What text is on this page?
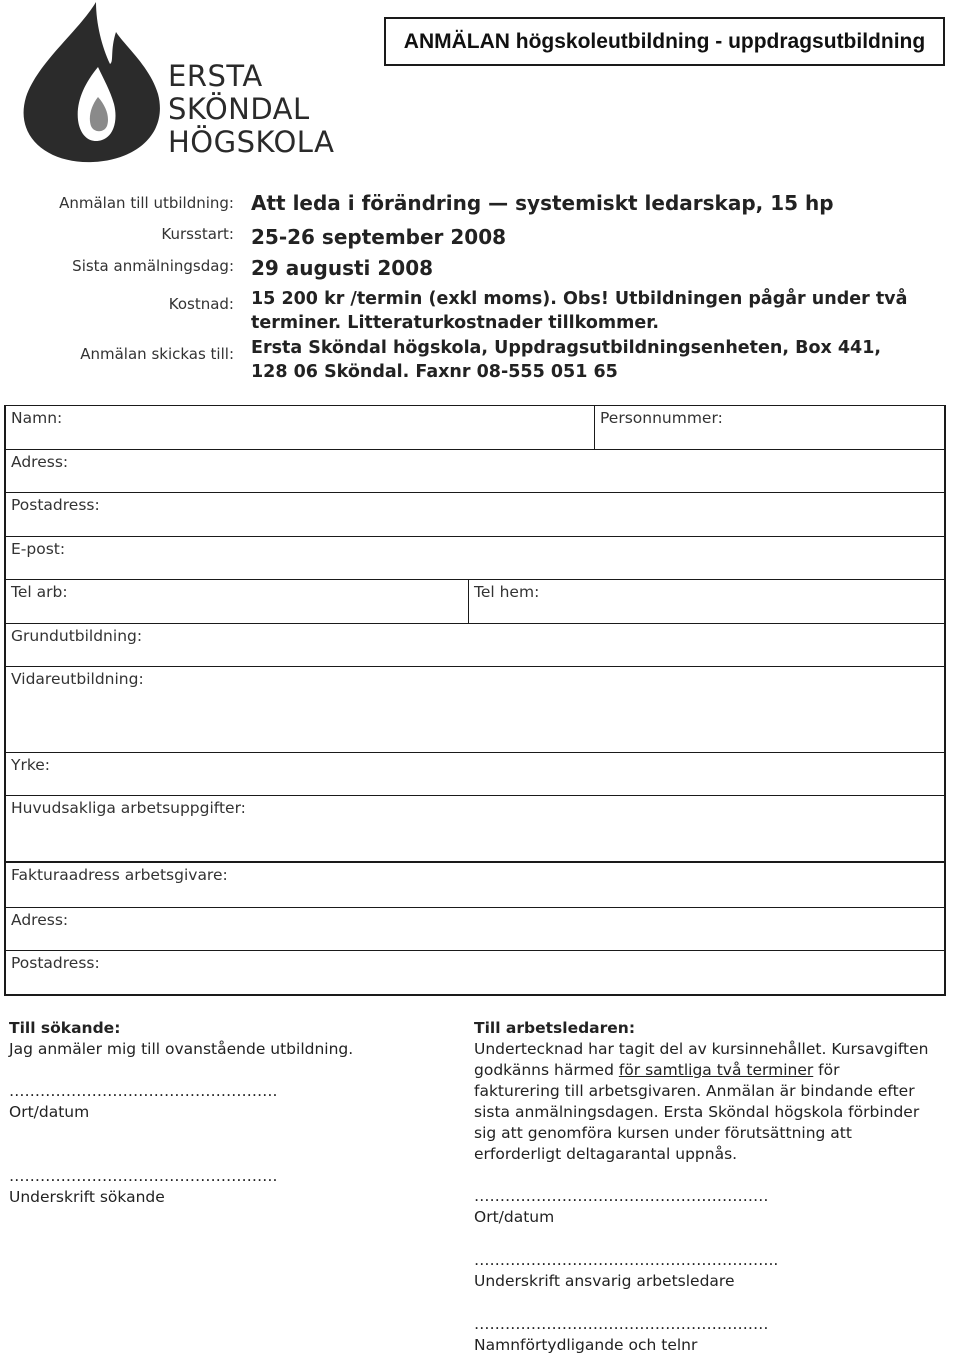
ERSTA
SKÖNDAL
HÖGSKOLA
ANMÄLAN högskoleutbildning - uppdragsutbildning
Anmälan till utbildning: Att leda i förändring — systemiskt ledarskap, 15 hp
Kursstart: 25-26 september 2008
Sista anmälningsdag: 29 augusti 2008
Kostnad: 15 200 kr /termin (exkl moms). Obs! Utbildningen pågår under två terminer. Litteraturkostnader tillkommer.
Anmälan skickas till: Ersta Sköndal högskola, Uppdragsutbildningsenheten, Box 441, 128 06 Sköndal. Faxnr 08-555 051 65
Namn:	Personnummer:
Adress:
Postadress:
E-post:
Tel arb:	Tel hem:
Grundutbildning:
Vidareutbildning:
Yrke:
Huvudsakliga arbetsuppgifter:
Fakturaadress arbetsgivare:
Adress:
Postadress:
Till sökande:
Jag anmäler mig till ovanstående utbildning.
…………………………………………….
Ort/datum
…………………………………………….
Underskrift sökande
Till arbetsledaren:
Undertecknad har tagit del av kursinnehållet. Kursavgiften godkänns härmed för samtliga två terminer för fakturering till arbetsgivaren. Anmälan är bindande efter sista anmälningsdagen. Ersta Sköndal högskola förbinder sig att genomföra kursen under förutsättning att erforderligt deltagarantal uppnås.
…………………………………………………
Ort/datum
…………………………………………………..
Underskrift ansvarig arbetsledare
…………………………………………………
Namnförtydligande och telnr
